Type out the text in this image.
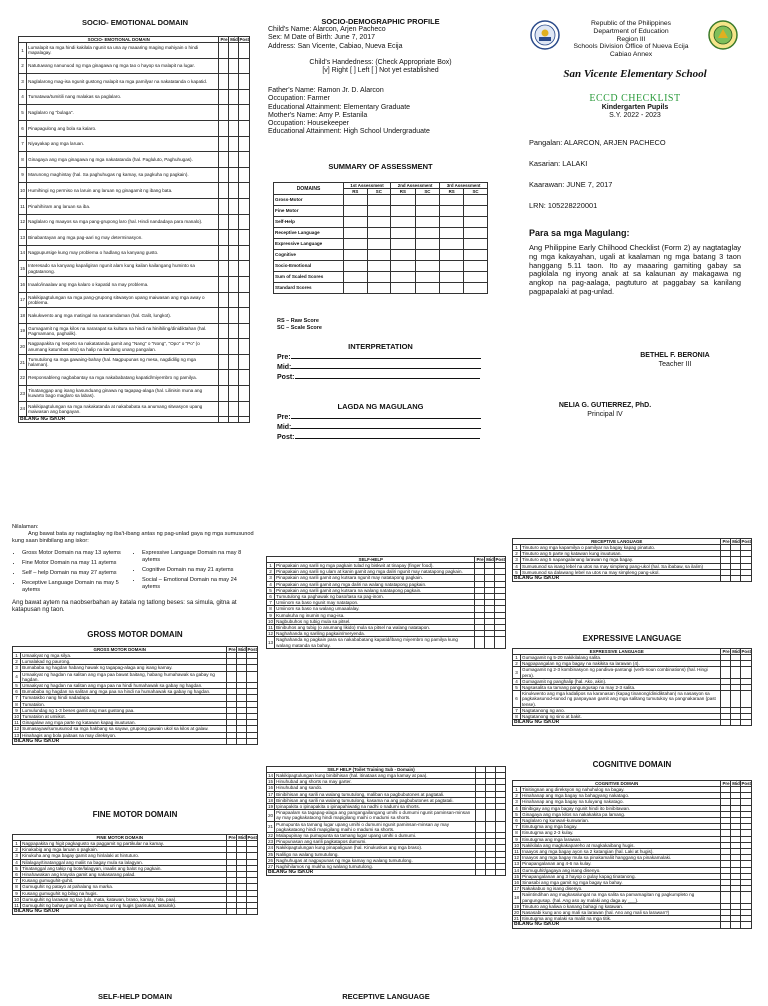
SOCIO- EMOTIONAL DOMAIN
SOCIO- EMOTIONAL DOMAIN		Pre	Mid	Post
1	Lumalapit sa mga hindi kakilala ngunit sa una ay maaaring maging mahiyain o hindi mapalagay.			
2	Natutuwang nanunuod ng mga ginagawa ng mga tao o hayop sa malapit na lugar.			
3	Naglalarong mag-isa ngunit gustong malapit sa mga pamilyar na nakatatanda o kapatid.			
4	Tumatawa/tumitili nang malakas sa paglalaro.			
5	Naglalaro ng "bulaga".			
6	Pinapagulong ang bola sa kalaro.			
7	Niyayakap ang mga laruan.			
8	Ginagaya ang mga ginagawa ng mga nakatatanda (hal. Pagluluto, Paghuhugas).			
9	Marunong maghintay (hal. Sa paghuhugas ng kamay, sa pagkuha ng pagkain).			
10	Humihingi ng permiso na laruin ang laruan ng ginagamit ng ibang bata.			
11	Pinahihiram ang laruan sa iba.			
12	Naglalaro ng maayos sa mga pang-grupong laro (hal. Hindi nandadaya para manalo).			
13	Binabantayan ang mga pag-aari ng may determinasyon.			
14	Nagpupursige kung may problema o hadlang sa kanyang gusto.			
15	Interesado sa kanyang kapaligiran ngunit alam kung kailan kailangang huminto sa pagtatanong.			
16	Inaalo/inaalaw ang mga kalaro o kapatid na may problema.			
17	Nakikipagtulungan sa mga pang-grupong sitwasyon upang maiwasan ang mga away o problema.			
18	Nakukwento ang mga matingal na nararamdaman (hal. Galit, lungkot).			
19	Gumagamit ng mga kilos na nararapat sa kultura na hindi na hinihiling/dinidiktahan (hal. Pagmamano, paghalik).			
20	Nagpapakita ng respeto sa nakatatanda gamit ang "Nang" o "Nong", "Opo" o "Po" (o anumang katumbas nito) sa halip na kanilang unang pangalan.			
21	Tumutulong sa mga gawaing-bahay (hal. Nagpupunas ng mesa, nagdidilig ng mga halaman).			
22	Responsableng nagbabantay sa mga nakababatang kapatid/miyembro ng pamilya.			
23	Tinatanggap ang isang kasunduang ginawa ng tagapag-alaga (hal. Lilinisin muna ang kuwarto bago maglaro sa labas).			
24	Nakikipagtulungan sa mga nakakatanda at nakababata sa anumang sitwasyon upang maiwasan ang bangayan.			
BILANG NG ISKOR				
SOCIO-DEMOGRAPHIC PROFILE
Child's Name: Alarcon, Arjen Pacheco
Sex: M Date of Birth: June 7, 2017
Address: San Vicente, Cabiao, Nueva Ecija
Child's Handedness: (Check Appropriate Box)
[v] Right [ ] Left [ ] Not yet established
Father's Name: Ramon Jr. D. Alarcon
Occupation: Farmer
Educational Attainment: Elementary Graduate
Mother's Name: Amy P. Estanila
Occupation: Housekeeper
Educational Attainment: High School Undergraduate
SUMMARY OF ASSESSMENT
DOMAINS	1st Assessment		2nd Assessment		3rd Assessment	
	RS	SC	RS	SC	RS	SC
Gross-Motor						
Fine Motor						
Self-Help						
Receptive Language						
Expressive Language						
Cognitive						
Socio-Emotional						
Sum of Scaled Scores						
Standard Scores						
RS – Raw Score
SC – Scale Score
INTERPRETATION
Pre:
Mid:
Post:
LAGDA NG MAGULANG
Pre:
Mid:
Post:
Republic of the Philippines
Department of Education
Region III
Schools Division Office of Nueva Ecija
Cabiao Annex
San Vicente Elementary School
ECCD CHECKLIST
Kindergarten Pupils
S.Y. 2022 - 2023
Pangalan: ALARCON, ARJEN PACHECO
Kasarian: LALAKI
Kaarawan: JUNE 7, 2017
LRN: 105228220001
Para sa mga Magulang:
Ang Philippine Early Chilhood Checklist (Form 2) ay nagtataglay ng mga kakayahan, ugali at kaalaman ng mga batang 3 taon hanggang 5.11 taon. Ito ay maaaring gamiting gabay sa pagkilala ng inyong anak at sa kalaunan ay makagawa ng angkop na pag-aalaga, pagtuturo at paggabay sa kanilang pagpapalaki at pag-unlad.
BETHEL F. BERONIA
Teacher III
NELIA G. GUTIERREZ, PhD.
Principal IV
Nilalaman:
Ang bawat bata ay nagtataglay ng iba't-ibang antas ng pag-unlad gaya ng mga sumusunod kung saan binibilang ang iskor:
• Gross Motor Domain na may 13 aytems
• Fine Motor Domain na may 11 aytems
• Self – help Domain na may 27 aytems
• Receptive Language Domain na may 5 aytems
• Expressive Language Domain na may 8 aytems
• Cognitive Domain na may 21 aytems
• Social – Emotional Domain na may 24 aytems
Ang bawat aytem na naobserbahan ay itatala ng tatlong beses: sa simula, gitna at katapusan ng taon.
GROSS MOTOR DOMAIN
GROSS MOTOR DOMAIN		Pre	Mid	Post
1	Umaakyat ng mga silya.			
2	Lumalakad ng paurong.			
3	Bumababa ng hagdan habang hawak ng tagapag-alaga ang isang kamay.			
4	Umaakyat ng hagdan na salitan ang mga paa bawat baitang, habang humahawak sa gabay ng hagdan.			
5	Umaakyat ng hagdan na salitan ang mga paa na hindi humahawak sa gabay ng hagdan.			
6	Bumababa ng hagdan na salitan ang mga paa na hindi na humahawak sa gabay ng hagdan.			
7	Tumatakbo nang hindi nadadapa.			
8	Tumatalon.			
9	Lumulundag ng 1-3 beses gamit ang mas gustong paa.			
10	Tumatalon at umiikot.			
11	Ginagalaw ang mga parte ng katawan kapag inuutusan.			
12	Sumasayaw/sumusunod sa mga hakbang sa sayaw, grupong gawain ukol sa kilos at galaw.			
13	Hinahagis ang bola paitaas na may direksyon.			
BILANG NG ISKOR				
FINE MOTOR DOMAIN
FINE MOTOR DOMAIN		Pre	Mid	Post
1	Nagpapakita ng higit pagkagusto sa paggamit ng partikular na kamay.			
2	Kinakabig ang mga laruan o pagkain.			
3	Kinukuha ang mga bagay gamit ang hinlalaki at hintuturo.			
4	Nilalagay/tinatanggal ang maliit na bagay mula sa lalagyan.			
5	Tinatanggal ang takip ng bote/lalagyan, inaalis ang balot ng pagkain.			
6	Hinahawakan ang krayola gamit ang nakasarang palad.			
7	Kusang gumuguhit-guhit.			
8	Gumuguhit ng patayo at pahalang na marka.			
9	Kusang gumuguhit ng bilog na hugis.			
10	Gumuguhit ng larawan ng tao (ulo, mata, katawan, braso, kamay, hita, paa).			
11	Gumuguhit ng bahay gamit ang iba't-ibang uri ng hugis (parisukat, tatsulok).			
BILANG NG ISKOR				
SELF-HELP DOMAIN
SELF-HELP		Pre	Mid	Post
1	Pinapakain ang sarili ng mga pagkain tulad ng biskwit at tinapay (finger food).			
2	Pinapakain ang sarili ng ulam at kanin gamit ang mga daliri ngunit may natatapong pagkain.			
3	Pinapakain ang sarili gamit ang kutsara ngunit may natatapong pagkain.			
4	Pinapakain ang sarili gamit ang mga daliri na walang natatapong pagkain.			
5	Pinapakain ang sarili gamit ang kutsara na walang natatapong pagkain.			
6	Tumutulong sa paghawak ng baso/tasa sa pag-inom.			
7	Umiinom sa baso ngunit may natatapon.			
8	Umiinom sa baso na walang umaaalalay.			
9	Kumukuha ng inumin ng mag-isa.			
10	Nagbubuhos ng tubig mula sa pitsel.			
11	Binibuhos ang tubig (o anumang likido) mula sa pitsel na walang natatapon.			
12	Naghahanda ng sariling pagkain/meryenda.			
13	Naghahanda ng pagkain para sa nakababatang kapatid/ibang miyembro ng pamilya kung walang matanda sa bahay.			
SELF HELP (Toilet Training Sub - Domain)				
14	Nakikipagtulungan kung binibihisan (hal. itinataas ang mga kamay at paa).			
15	Hinuhubad ang shorts na may garter.			
16	Hinuhubad ang sando.			
17	Binibihisan ang sarili na walang tumutulong, maliban sa pagbubutones at pagtatali.			
18	Binibihisan ang sarili na walang tumutulong, kasama na ang pagbubutones at pagtatali.			
19	Ipinapakita o ipinapakita o ipinapahiwatig na nadhi o nadumi sa shorts.			
20	Pinapaalam sa tagapag-alaga ang pangangailangang umihi o dumumi ngunit paminsan-minsan ay may pagkakataong hindi mapigilang maihi o madumi sa shorts.			
21	Pumupunta sa tamang lugar upang umihi o dumumi ngunit paminsan-minsan ay may pagkakataong hindi mapigilang maihi o madumi sa shorts.			
22	Malapupinay na pumupunta sa tamang lugar upang umihi o dumumi.			
23	Pinupunasan ang sarili pagkatapos dumumi.			
24	Nakikipagtulungan kung pinapaliguan (hal. Kinukuskus ang mga braso).			
25	Naliligo na walang tumutulong.			
26	Naghuhugas at nagpupunas ng mga kamay ng walang tumutulong.			
27	Naghihilamos ng mukha ng walang tumutulong.			
BILANG NG ISKOR				
RECEPTIVE LANGUAGE
RECEPTIVE LANGUAGE		Pre	Mid	Post
1	Tinuturo ang mga kapamilya o pamilyar na bagay kapag pinatuto.			
2	Tinuturo ang 5 parte ng katawan kung inuutusan.			
3	Tinuturo ang 5 napangalanang larawan ng mga bagay.			
4	Sumusunod sa isang lebel na utos na may simpleng pang-ukol (hal. Sa ibabaw, sa ilalim)			
5	Sumusunod sa dalawang lebel na utos na may simpleng pang-ukol.			
BILANG NG ISKOR				
EXPRESSIVE LANGUAGE
EXPRESSIVE LANGUAGE		Pre	Mid	Post
1	Gumagamit ng 5-20 nakikilalang salita.			
2	Nagpapangalan ng mga bagay na nakikita sa larawan (4).			
3	Gumagamit ng 2-3 kombinasyon ng pandiwa-pantangi (verb-noun combinations) (hal. Hingi pera).			
4	Gumagamit ng panghalip (hal. Ako, akin).			
5	Nagsasalita sa tamang pangungusap na may 2-3 salita.			
6	Kinukwento ang mga kadalipos na karanasan (kapag tinanong/dinidiktahan) na nasasyon sa pagkakasunod-sunod ng panpayaan gamit ang mga salitang tumutukoy sa pangnakaraan (past tense).			
7	Nagtatanong ng ano.			
8	Nagtatanong ng sino at bakit.			
BILANG NG ISKOR				
COGNITIVE DOMAIN
COGNITIVE DOMAIN		Pre	Mid	Post
1	Tinitingnan ang direksyon ng nahuhulog na bagay.			
2	Hinahanap ang mga bagay na bahagyang nakatago.			
3	Hinahanap ang mga bagay na tuluyang nakatago.			
4	Binibigay ang mga bagay ngunit hindi ito binibitawan.			
5	Ginagaya ang mga kilos na nakakakita pa lamang.			
6	Naglalaro ng kunwari-kunwarian.			
7	Itinutugma ang mga bagay.			
8	Itinutugma ang 2-3 kulay.			
9	Itinutugma ang mga larawan.			
10	Nakikilala ang magkakapareho at magkakaibang hugis.			
11	Inaayos ang mga bagay ayon sa 2 katangian (hal. Laki at hugis).			
12	Inaayos ang mga bagay mula sa pinakamaliit hanggang sa pinakamalaki.			
13	Pinapangalanan ang 4-6 na kulay.			
14	Gumuguhit/gagaya ang isang disenyo.			
15	Pinapangalanan ang 3 hayop o gulay kapag tinatanong.			
16	Sinasabi ang mga gamit ng mga bagay sa bahay.			
17	Nakakabuo ng isang disenyo.			
18	Naiintindihan ang magkasalungat na mga salita sa pamamagitan ng pagkumpleto ng pangungusap. (hal. Ang aso ay malaki ang daga ay ___).			
19	Tinuturo ang kaliwa o kanang bahagi ng katawan.			
20	Nasasabi kung ano ang mali sa larawan (hal. Ano ang mali sa larawan?)			
21	Itinutugma ang malaki sa maliit na mga titik.			
BILANG NG ISKOR				
